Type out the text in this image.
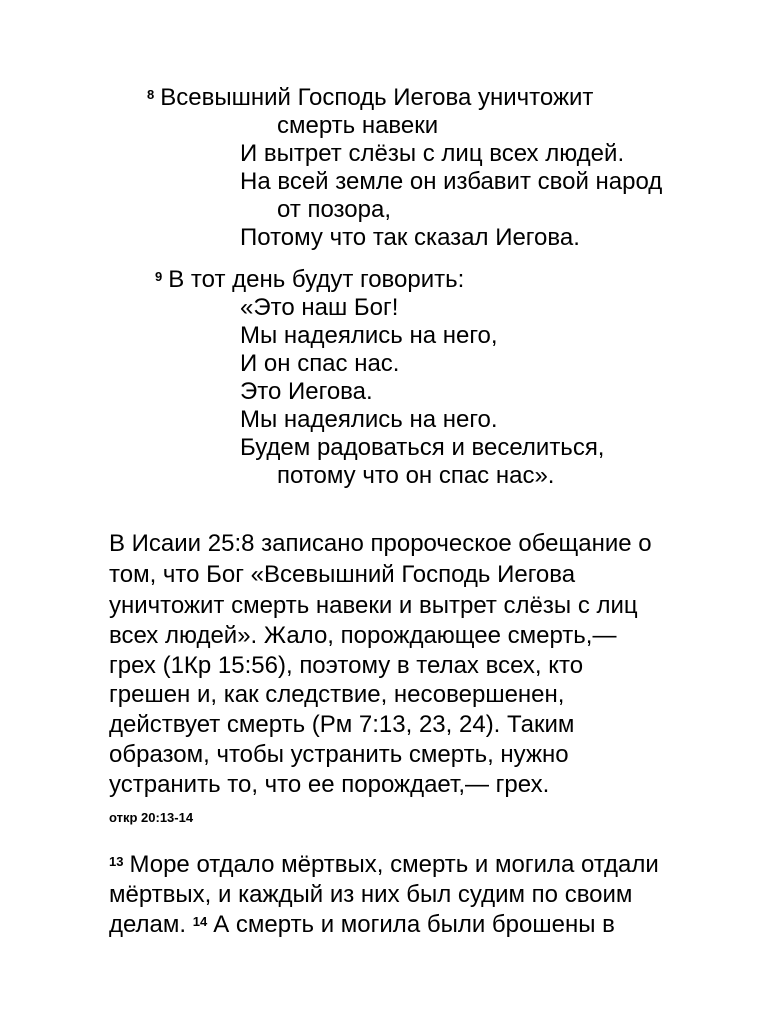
$^8$ Всевышний Господь Иегова уничтожит
смерть навеки
И вытрет слёзы с лиц всех людей.
На всей земле он избавит свой народ
от позора,
Потому что так сказал Иегова.
$^9$ В тот день будут говорить:
«Это наш Бог!
Мы надеялись на него,
И он спас нас.
Это Иегова.
Мы надеялись на него.
Будем радоваться и веселиться,
потому что он спас нас».
В Исаии 25:8 записано пророческое обещание о
том, что Бог «Всевышний Господь Иегова
уничтожит смерть навеки и вытрет слёзы с лиц
всех людей». Жало, порождающее смерть,—
грех (1Кр 15:56), поэтому в телах всех, кто
грешен и, как следствие, несовершенен,
действует смерть (Рм 7:13, 23, 24). Таким
образом, чтобы устранить смерть, нужно
устранить то, что ее порождает,— грех.
откр 20:13-14
$^{13}$ Море отдало мёртвых, смерть и могила отдали
мёртвых, и каждый из них был судим по своим
делам. $^{14}$ А смерть и могила были брошены в
